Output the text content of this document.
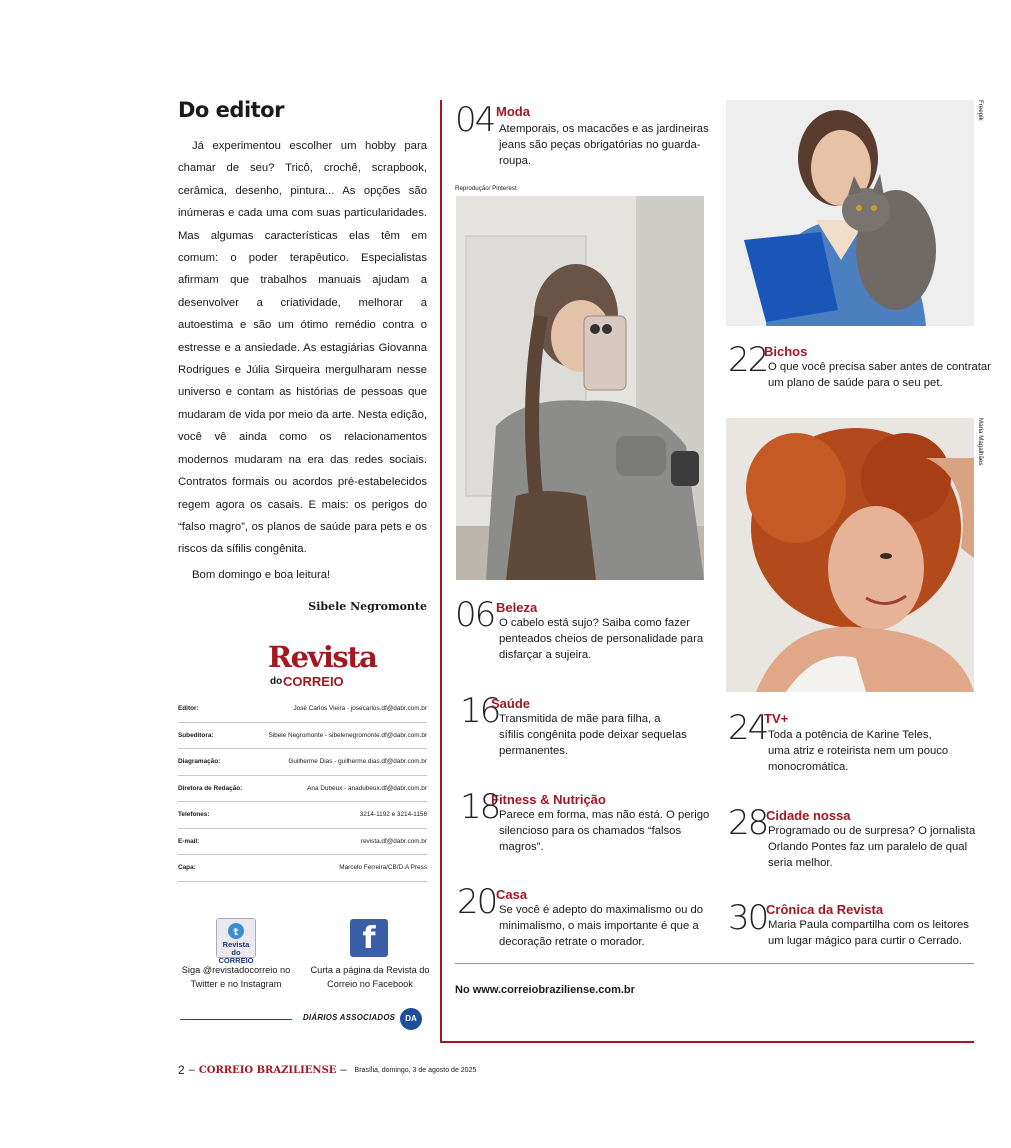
Do editor

Já experimentou escolher um hobby para chamar de seu? Tricô, crochê, scrapbook, cerâmica, desenho, pintura... As opções são inúmeras e cada uma com suas particularidades. Mas algumas características elas têm em comum: o poder terapêutico. Especialistas afirmam que trabalhos manuais ajudam a desenvolver a criatividade, melhorar a autoestima e são um ótimo remédio contra o estresse e a ansiedade. As estagiárias Giovanna Rodrigues e Júlia Sirqueira mergulharam nesse universo e contam as histórias de pessoas que mudaram de vida por meio da arte. Nesta edição, você vê ainda como os relacionamentos modernos mudaram na era das redes sociais. Contratos formais ou acordos pré-estabelecidos regem agora os casais. E mais: os perigos do “falso magro”, os planos de saúde para pets e os riscos da sífilis congênita.

Bom domingo e boa leitura!
Sibele Negromonte
Revista
do CORREIO
Editor:	José Carlos Vieira - josecarlos.df@dabr.com.br
Subeditora:	Sibele Negromonte - sibelenegromonte.df@dabr.com.br
Diagramação:	Guilherme Dias - guilherme.dias.df@dabr.com.br
Diretora de Redação:	Ana Dubeux - anadubeux.df@dabr.com.br
Telefones:	3214-1192 e 3214-1156
E-mail:	revista.df@dabr.com.br
Capa:	Marcelo Ferreira/CB/D.A Press
t
Revista do CORREIO
f
Siga @revistadocorreio no
Twitter e no Instagram
Curta a página da Revista do
Correio no Facebook
DIÁRIOS ASSOCIADOS	DA
2 – CORREIO BRAZILIENSE – Brasília, domingo, 3 de agosto de 2025
04 Moda
Atemporais, os macacões e as jardineiras
jeans são peças obrigatórias no guarda-
roupa.
Reprodução/ Pinterest
06 Beleza
O cabelo está sujo? Saiba como fazer
penteados cheios de personalidade para
disfarçar a sujeira.
16
Saúde
Transmitida de mãe para filha, a
sífilis congênita pode deixar sequelas
permanentes.
18
Fitness & Nutrição
Parece em forma, mas não está. O perigo
silencioso para os chamados “falsos
magros”.
20 Casa
Se você é adepto do maximalismo ou do
minimalismo, o mais importante é que a
decoração retrate o morador.
Freepik
22
Bichos
O que você precisa saber antes de contratar
um plano de saúde para o seu pet.
Maria Magalhães
24
TV+
Toda a potência de Karine Teles,
uma atriz e roteirista nem um pouco
monocromática.
28
Cidade nossa
Programado ou de surpresa? O jornalista
Orlando Pontes faz um paralelo de qual
seria melhor.
30
Crônica da Revista
Maria Paula compartilha com os leitores
um lugar mágico para curtir o Cerrado.
No www.correiobraziliense.com.br
